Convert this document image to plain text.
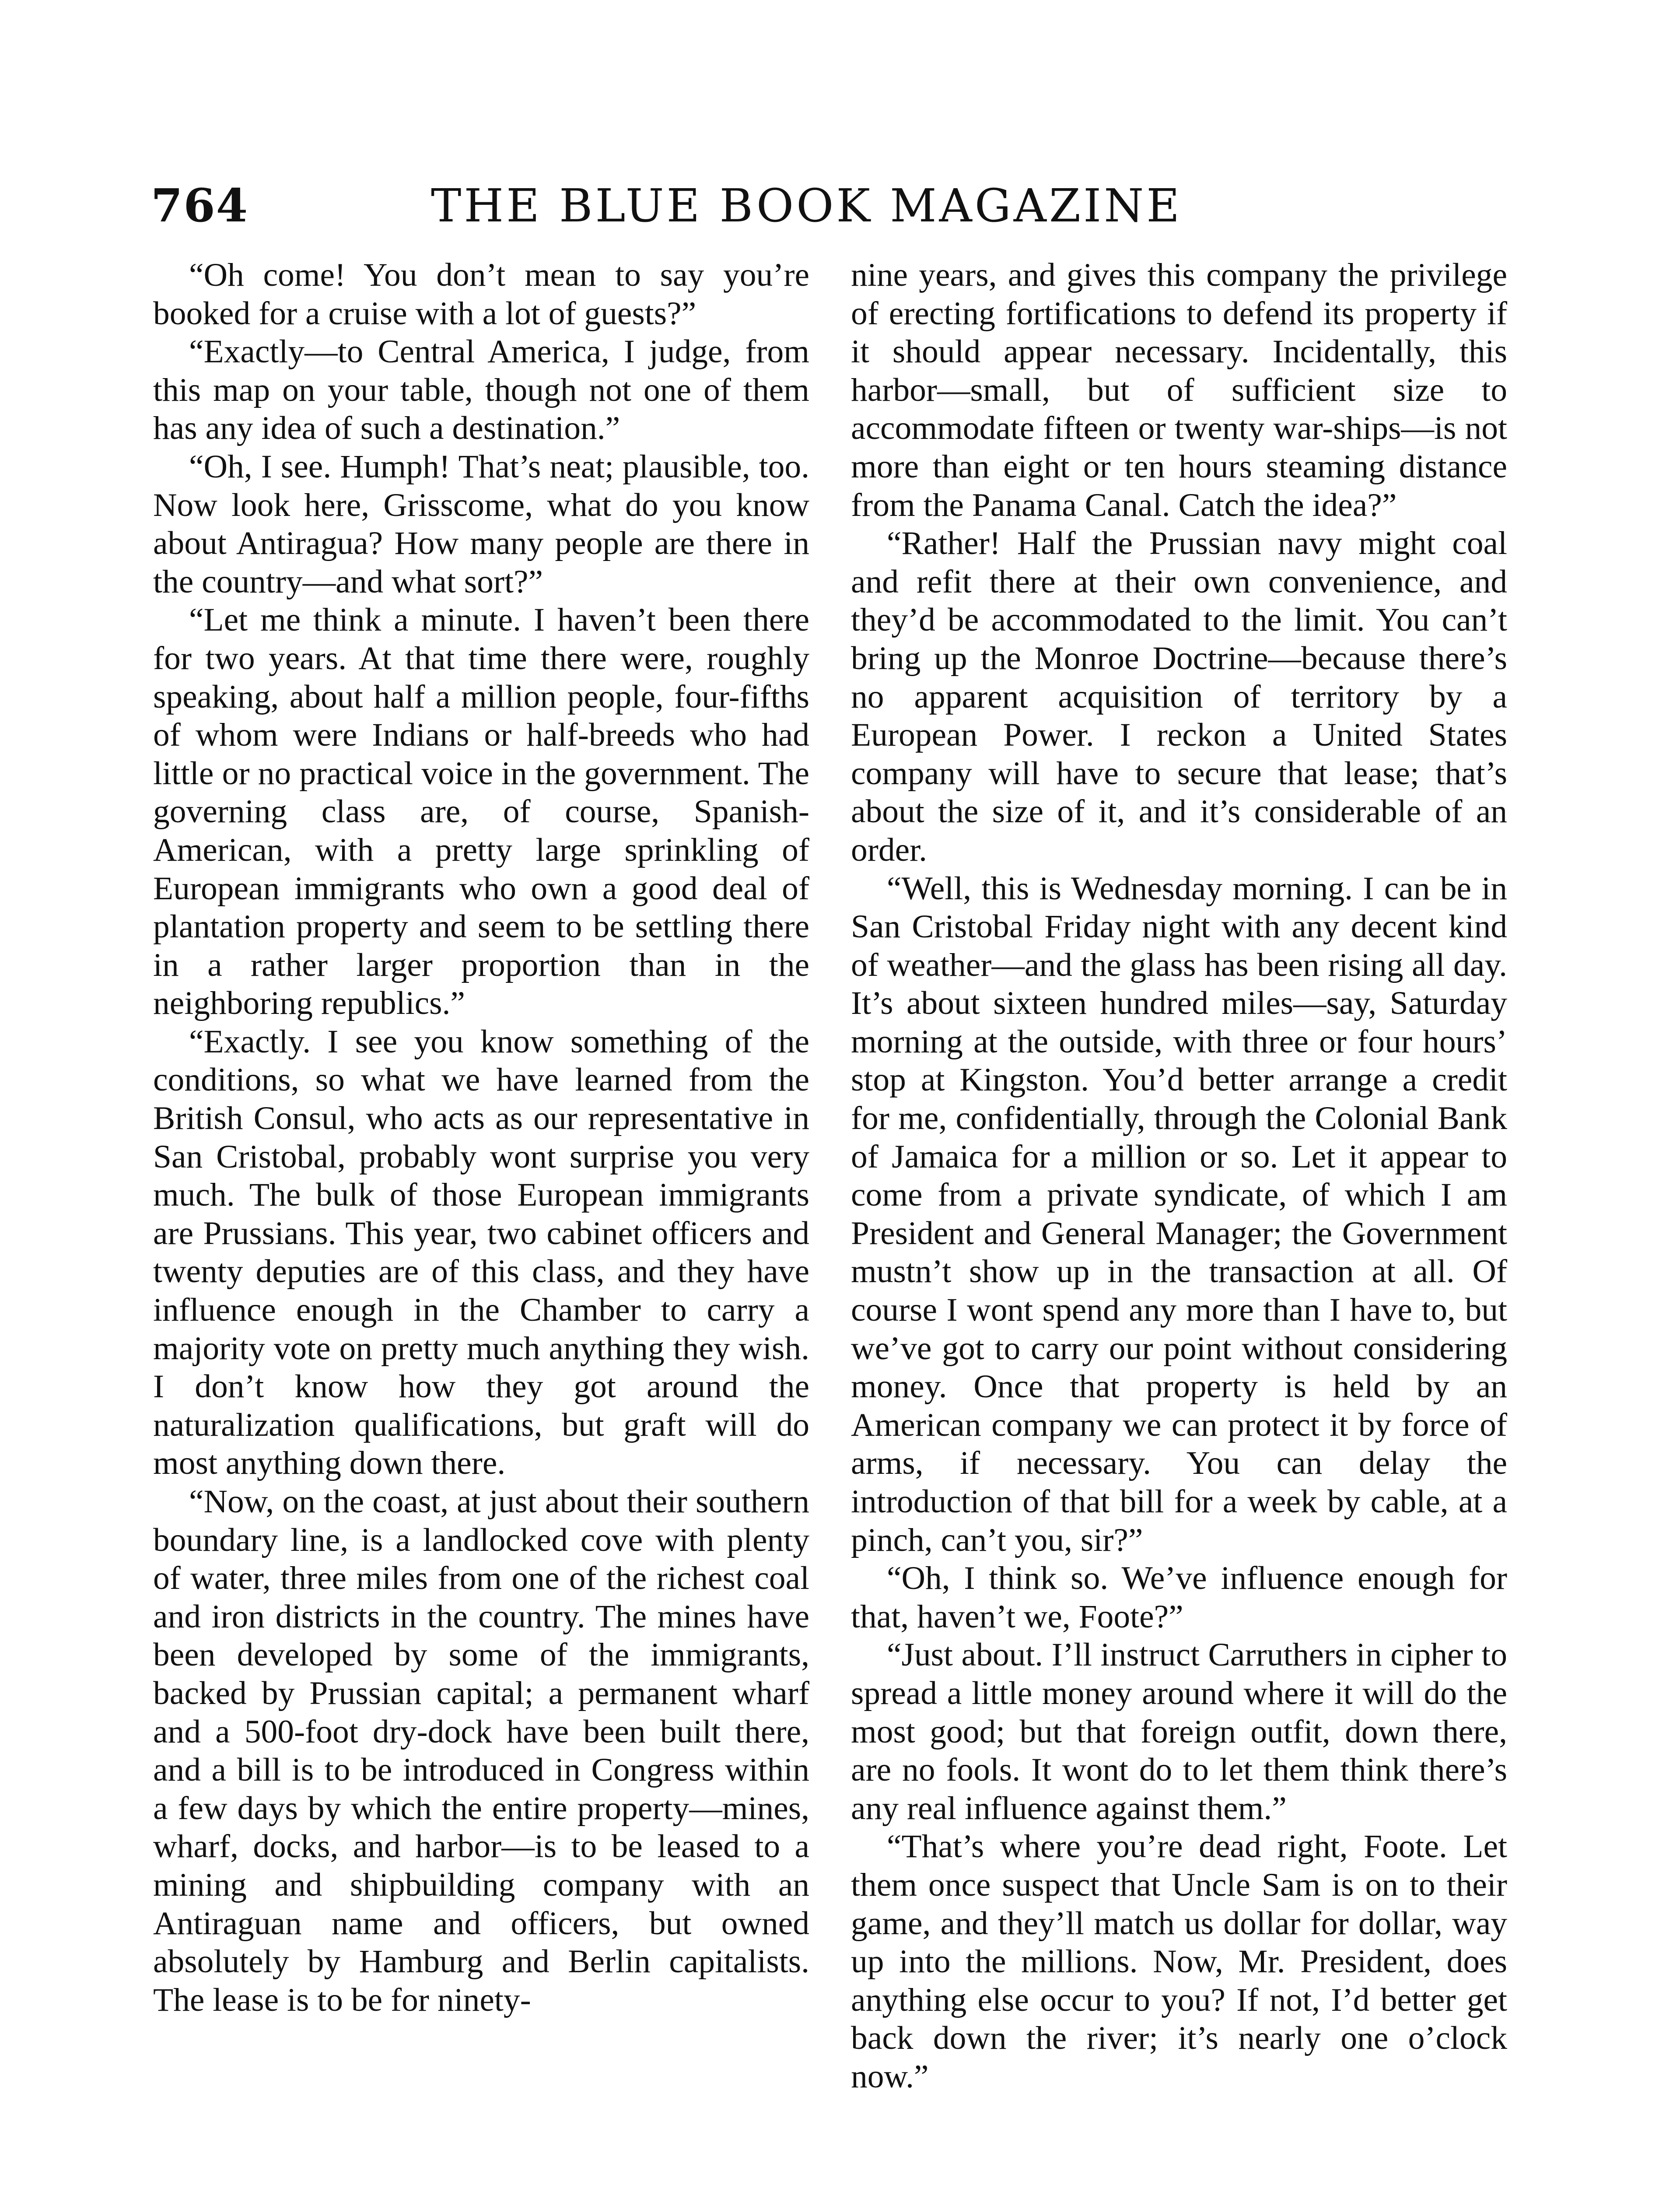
764	THE BLUE BOOK MAGAZINE

“Oh come! You don’t mean to say you’re booked for a cruise with a lot of guests?”

“Exactly—to Central America, I judge, from this map on your table, though not one of them has any idea of such a destination.”

“Oh, I see. Humph! That’s neat; plausible, too. Now look here, Grisscome, what do you know about Antiragua? How many people are there in the country—and what sort?”

“Let me think a minute. I haven’t been there for two years. At that time there were, roughly speaking, about half a million people, four-fifths of whom were Indians or half-breeds who had little or no practical voice in the government. The governing class are, of course, Spanish-American, with a pretty large sprinkling of European immigrants who own a good deal of plantation property and seem to be settling there in a rather larger proportion than in the neighboring republics.”

“Exactly. I see you know something of the conditions, so what we have learned from the British Consul, who acts as our representative in San Cristobal, probably wont surprise you very much. The bulk of those European immigrants are Prussians. This year, two cabinet officers and twenty deputies are of this class, and they have influence enough in the Chamber to carry a majority vote on pretty much anything they wish. I don’t know how they got around the naturalization qualifications, but graft will do most anything down there.

“Now, on the coast, at just about their southern boundary line, is a landlocked cove with plenty of water, three miles from one of the richest coal and iron districts in the country. The mines have been developed by some of the immigrants, backed by Prussian capital; a permanent wharf and a 500-foot dry-dock have been built there, and a bill is to be introduced in Congress within a few days by which the entire property—mines, wharf, docks, and harbor—is to be leased to a mining and shipbuilding company with an Antiraguan name and officers, but owned absolutely by Hamburg and Berlin capitalists. The lease is to be for ninety-

nine years, and gives this company the privilege of erecting fortifications to defend its property if it should appear necessary. Incidentally, this harbor—small, but of sufficient size to accommodate fifteen or twenty war-ships—is not more than eight or ten hours steaming distance from the Panama Canal. Catch the idea?”

“Rather! Half the Prussian navy might coal and refit there at their own convenience, and they’d be accommodated to the limit. You can’t bring up the Monroe Doctrine—because there’s no apparent acquisition of territory by a European Power. I reckon a United States company will have to secure that lease; that’s about the size of it, and it’s considerable of an order.

“Well, this is Wednesday morning. I can be in San Cristobal Friday night with any decent kind of weather—and the glass has been rising all day. It’s about sixteen hundred miles—say, Saturday morning at the outside, with three or four hours’ stop at Kingston. You’d better arrange a credit for me, confidentially, through the Colonial Bank of Jamaica for a million or so. Let it appear to come from a private syndicate, of which I am President and General Manager; the Government mustn’t show up in the transaction at all. Of course I wont spend any more than I have to, but we’ve got to carry our point without considering money. Once that property is held by an American company we can protect it by force of arms, if necessary. You can delay the introduction of that bill for a week by cable, at a pinch, can’t you, sir?”

“Oh, I think so. We’ve influence enough for that, haven’t we, Foote?”

“Just about. I’ll instruct Carruthers in cipher to spread a little money around where it will do the most good; but that foreign outfit, down there, are no fools. It wont do to let them think there’s any real influence against them.”

“That’s where you’re dead right, Foote. Let them once suspect that Uncle Sam is on to their game, and they’ll match us dollar for dollar, way up into the millions. Now, Mr. President, does anything else occur to you? If not, I’d better get back down the river; it’s nearly one o’clock now.”
